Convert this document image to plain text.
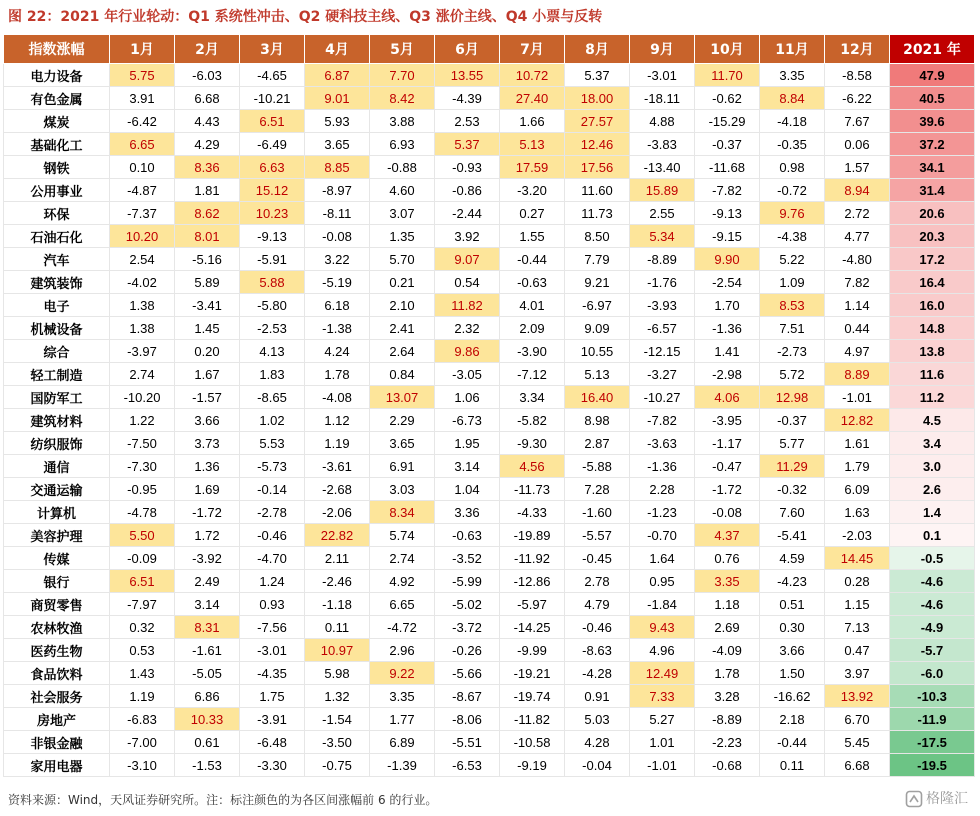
图 22：2021 年行业轮动：Q1 系统性冲击、Q2 硬科技主线、Q3 涨价主线、Q4 小票与反转
指数涨幅	1月	2月	3月	4月	5月	6月	7月	8月	9月	10月	11月	12月	2021 年
电力设备	5.75	-6.03	-4.65	6.87	7.70	13.55	10.72	5.37	-3.01	11.70	3.35	-8.58	47.9
有色金属	3.91	6.68	-10.21	9.01	8.42	-4.39	27.40	18.00	-18.11	-0.62	8.84	-6.22	40.5
煤炭	-6.42	4.43	6.51	5.93	3.88	2.53	1.66	27.57	4.88	-15.29	-4.18	7.67	39.6
基础化工	6.65	4.29	-6.49	3.65	6.93	5.37	5.13	12.46	-3.83	-0.37	-0.35	0.06	37.2
钢铁	0.10	8.36	6.63	8.85	-0.88	-0.93	17.59	17.56	-13.40	-11.68	0.98	1.57	34.1
公用事业	-4.87	1.81	15.12	-8.97	4.60	-0.86	-3.20	11.60	15.89	-7.82	-0.72	8.94	31.4
环保	-7.37	8.62	10.23	-8.11	3.07	-2.44	0.27	11.73	2.55	-9.13	9.76	2.72	20.6
石油石化	10.20	8.01	-9.13	-0.08	1.35	3.92	1.55	8.50	5.34	-9.15	-4.38	4.77	20.3
汽车	2.54	-5.16	-5.91	3.22	5.70	9.07	-0.44	7.79	-8.89	9.90	5.22	-4.80	17.2
建筑装饰	-4.02	5.89	5.88	-5.19	0.21	0.54	-0.63	9.21	-1.76	-2.54	1.09	7.82	16.4
电子	1.38	-3.41	-5.80	6.18	2.10	11.82	4.01	-6.97	-3.93	1.70	8.53	1.14	16.0
机械设备	1.38	1.45	-2.53	-1.38	2.41	2.32	2.09	9.09	-6.57	-1.36	7.51	0.44	14.8
综合	-3.97	0.20	4.13	4.24	2.64	9.86	-3.90	10.55	-12.15	1.41	-2.73	4.97	13.8
轻工制造	2.74	1.67	1.83	1.78	0.84	-3.05	-7.12	5.13	-3.27	-2.98	5.72	8.89	11.6
国防军工	-10.20	-1.57	-8.65	-4.08	13.07	1.06	3.34	16.40	-10.27	4.06	12.98	-1.01	11.2
建筑材料	1.22	3.66	1.02	1.12	2.29	-6.73	-5.82	8.98	-7.82	-3.95	-0.37	12.82	4.5
纺织服饰	-7.50	3.73	5.53	1.19	3.65	1.95	-9.30	2.87	-3.63	-1.17	5.77	1.61	3.4
通信	-7.30	1.36	-5.73	-3.61	6.91	3.14	4.56	-5.88	-1.36	-0.47	11.29	1.79	3.0
交通运输	-0.95	1.69	-0.14	-2.68	3.03	1.04	-11.73	7.28	2.28	-1.72	-0.32	6.09	2.6
计算机	-4.78	-1.72	-2.78	-2.06	8.34	3.36	-4.33	-1.60	-1.23	-0.08	7.60	1.63	1.4
美容护理	5.50	1.72	-0.46	22.82	5.74	-0.63	-19.89	-5.57	-0.70	4.37	-5.41	-2.03	0.1
传媒	-0.09	-3.92	-4.70	2.11	2.74	-3.52	-11.92	-0.45	1.64	0.76	4.59	14.45	-0.5
银行	6.51	2.49	1.24	-2.46	4.92	-5.99	-12.86	2.78	0.95	3.35	-4.23	0.28	-4.6
商贸零售	-7.97	3.14	0.93	-1.18	6.65	-5.02	-5.97	4.79	-1.84	1.18	0.51	1.15	-4.6
农林牧渔	0.32	8.31	-7.56	0.11	-4.72	-3.72	-14.25	-0.46	9.43	2.69	0.30	7.13	-4.9
医药生物	0.53	-1.61	-3.01	10.97	2.96	-0.26	-9.99	-8.63	4.96	-4.09	3.66	0.47	-5.7
食品饮料	1.43	-5.05	-4.35	5.98	9.22	-5.66	-19.21	-4.28	12.49	1.78	1.50	3.97	-6.0
社会服务	1.19	6.86	1.75	1.32	3.35	-8.67	-19.74	0.91	7.33	3.28	-16.62	13.92	-10.3
房地产	-6.83	10.33	-3.91	-1.54	1.77	-8.06	-11.82	5.03	5.27	-8.89	2.18	6.70	-11.9
非银金融	-7.00	0.61	-6.48	-3.50	6.89	-5.51	-10.58	4.28	1.01	-2.23	-0.44	5.45	-17.5
家用电器	-3.10	-1.53	-3.30	-0.75	-1.39	-6.53	-9.19	-0.04	-1.01	-0.68	0.11	6.68	-19.5
资料来源：Wind，天风证券研究所。注：标注颜色的为各区间涨幅前 6 的行业。	格隆汇
